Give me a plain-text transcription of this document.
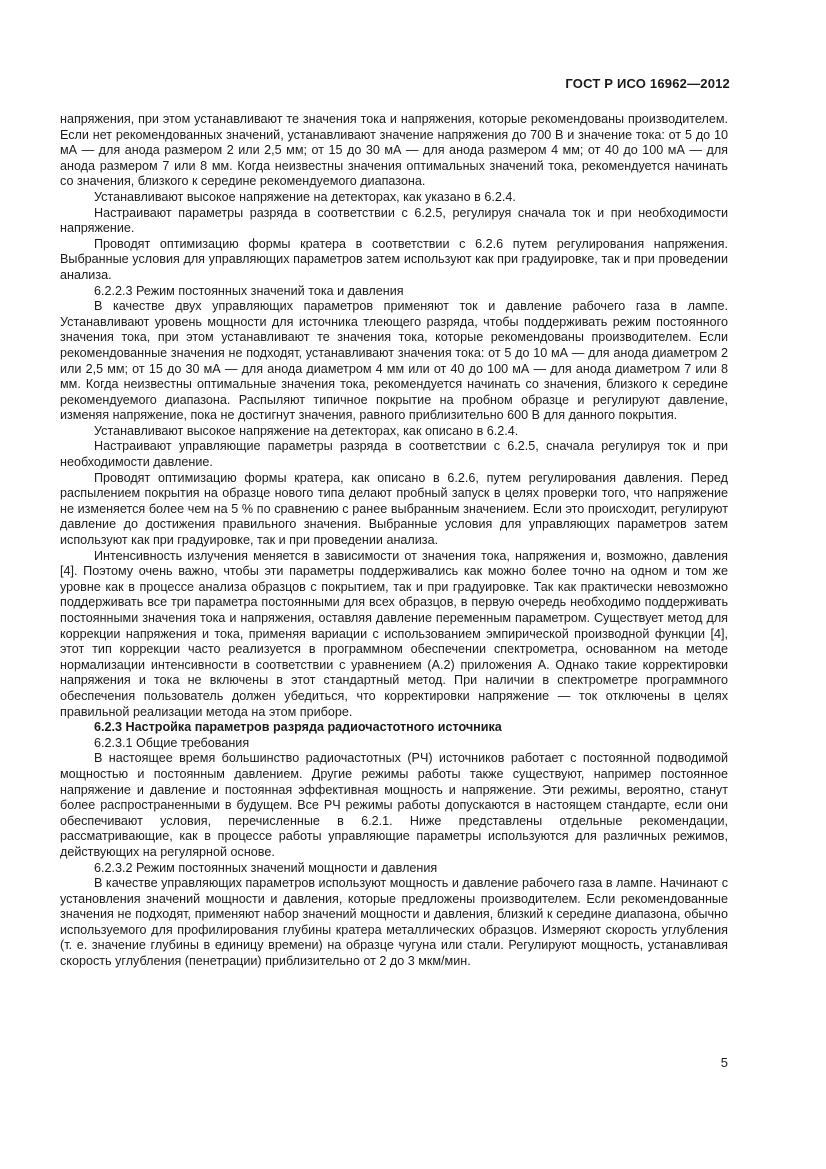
ГОСТ Р ИСО 16962—2012

напряжения, при этом устанавливают те значения тока и напряжения, которые рекомендованы производителем. Если нет рекомендованных значений, устанавливают значение напряжения до 700 В и значение тока: от 5 до 10 мА — для анода размером 2 или 2,5 мм; от 15 до 30 мА — для анода размером 4 мм; от 40 до 100 мА — для анода размером 7 или 8 мм. Когда неизвестны значения оптимальных значений тока, рекомендуется начинать со значения, близкого к середине рекомендуемого диапазона.

Устанавливают высокое напряжение на детекторах, как указано в 6.2.4.

Настраивают параметры разряда в соответствии с 6.2.5, регулируя сначала ток и при необходимости напряжение.

Проводят оптимизацию формы кратера в соответствии с 6.2.6 путем регулирования напряжения. Выбранные условия для управляющих параметров затем используют как при градуировке, так и при проведении анализа.

6.2.2.3 Режим постоянных значений тока и давления

В качестве двух управляющих параметров применяют ток и давление рабочего газа в лампе. Устанавливают уровень мощности для источника тлеющего разряда, чтобы поддерживать режим постоянного значения тока, при этом устанавливают те значения тока, которые рекомендованы производителем. Если рекомендованные значения не подходят, устанавливают значения тока: от 5 до 10 мА — для анода диаметром 2 или 2,5 мм; от 15 до 30 мА — для анода диаметром 4 мм или от 40 до 100 мА — для анода диаметром 7 или 8 мм. Когда неизвестны оптимальные значения тока, рекомендуется начинать со значения, близкого к середине рекомендуемого диапазона. Распыляют типичное покрытие на пробном образце и регулируют давление, изменяя напряжение, пока не достигнут значения, равного приблизительно 600 В для данного покрытия.

Устанавливают высокое напряжение на детекторах, как описано в 6.2.4.

Настраивают управляющие параметры разряда в соответствии с 6.2.5, сначала регулируя ток и при необходимости давление.

Проводят оптимизацию формы кратера, как описано в 6.2.6, путем регулирования давления. Перед распылением покрытия на образце нового типа делают пробный запуск в целях проверки того, что напряжение не изменяется более чем на 5 % по сравнению с ранее выбранным значением. Если это происходит, регулируют давление до достижения правильного значения. Выбранные условия для управляющих параметров затем используют как при градуировке, так и при проведении анализа.

Интенсивность излучения меняется в зависимости от значения тока, напряжения и, возможно, давления [4]. Поэтому очень важно, чтобы эти параметры поддерживались как можно более точно на одном и том же уровне как в процессе анализа образцов с покрытием, так и при градуировке. Так как практически невозможно поддерживать все три параметра постоянными для всех образцов, в первую очередь необходимо поддерживать постоянными значения тока и напряжения, оставляя давление переменным параметром. Существует метод для коррекции напряжения и тока, применяя вариации с использованием эмпирической производной функции [4], этот тип коррекции часто реализуется в программном обеспечении спектрометра, основанном на методе нормализации интенсивности в соответствии с уравнением (А.2) приложения А. Однако такие корректировки напряжения и тока не включены в этот стандартный метод. При наличии в спектрометре программного обеспечения пользователь должен убедиться, что корректировки напряжение — ток отключены в целях правильной реализации метода на этом приборе.

6.2.3 Настройка параметров разряда радиочастотного источника

6.2.3.1 Общие требования

В настоящее время большинство радиочастотных (РЧ) источников работает с постоянной подводимой мощностью и постоянным давлением. Другие режимы работы также существуют, например постоянное напряжение и давление и постоянная эффективная мощность и напряжение. Эти режимы, вероятно, станут более распространенными в будущем. Все РЧ режимы работы допускаются в настоящем стандарте, если они обеспечивают условия, перечисленные в 6.2.1. Ниже представлены отдельные рекомендации, рассматривающие, как в процессе работы управляющие параметры используются для различных режимов, действующих на регулярной основе.

6.2.3.2 Режим постоянных значений мощности и давления

В качестве управляющих параметров используют мощность и давление рабочего газа в лампе. Начинают с установления значений мощности и давления, которые предложены производителем. Если рекомендованные значения не подходят, применяют набор значений мощности и давления, близкий к середине диапазона, обычно используемого для профилирования глубины кратера металлических образцов. Измеряют скорость углубления (т. е. значение глубины в единицу времени) на образце чугуна или стали. Регулируют мощность, устанавливая скорость углубления (пенетрации) приблизительно от 2 до 3 мкм/мин.

5
